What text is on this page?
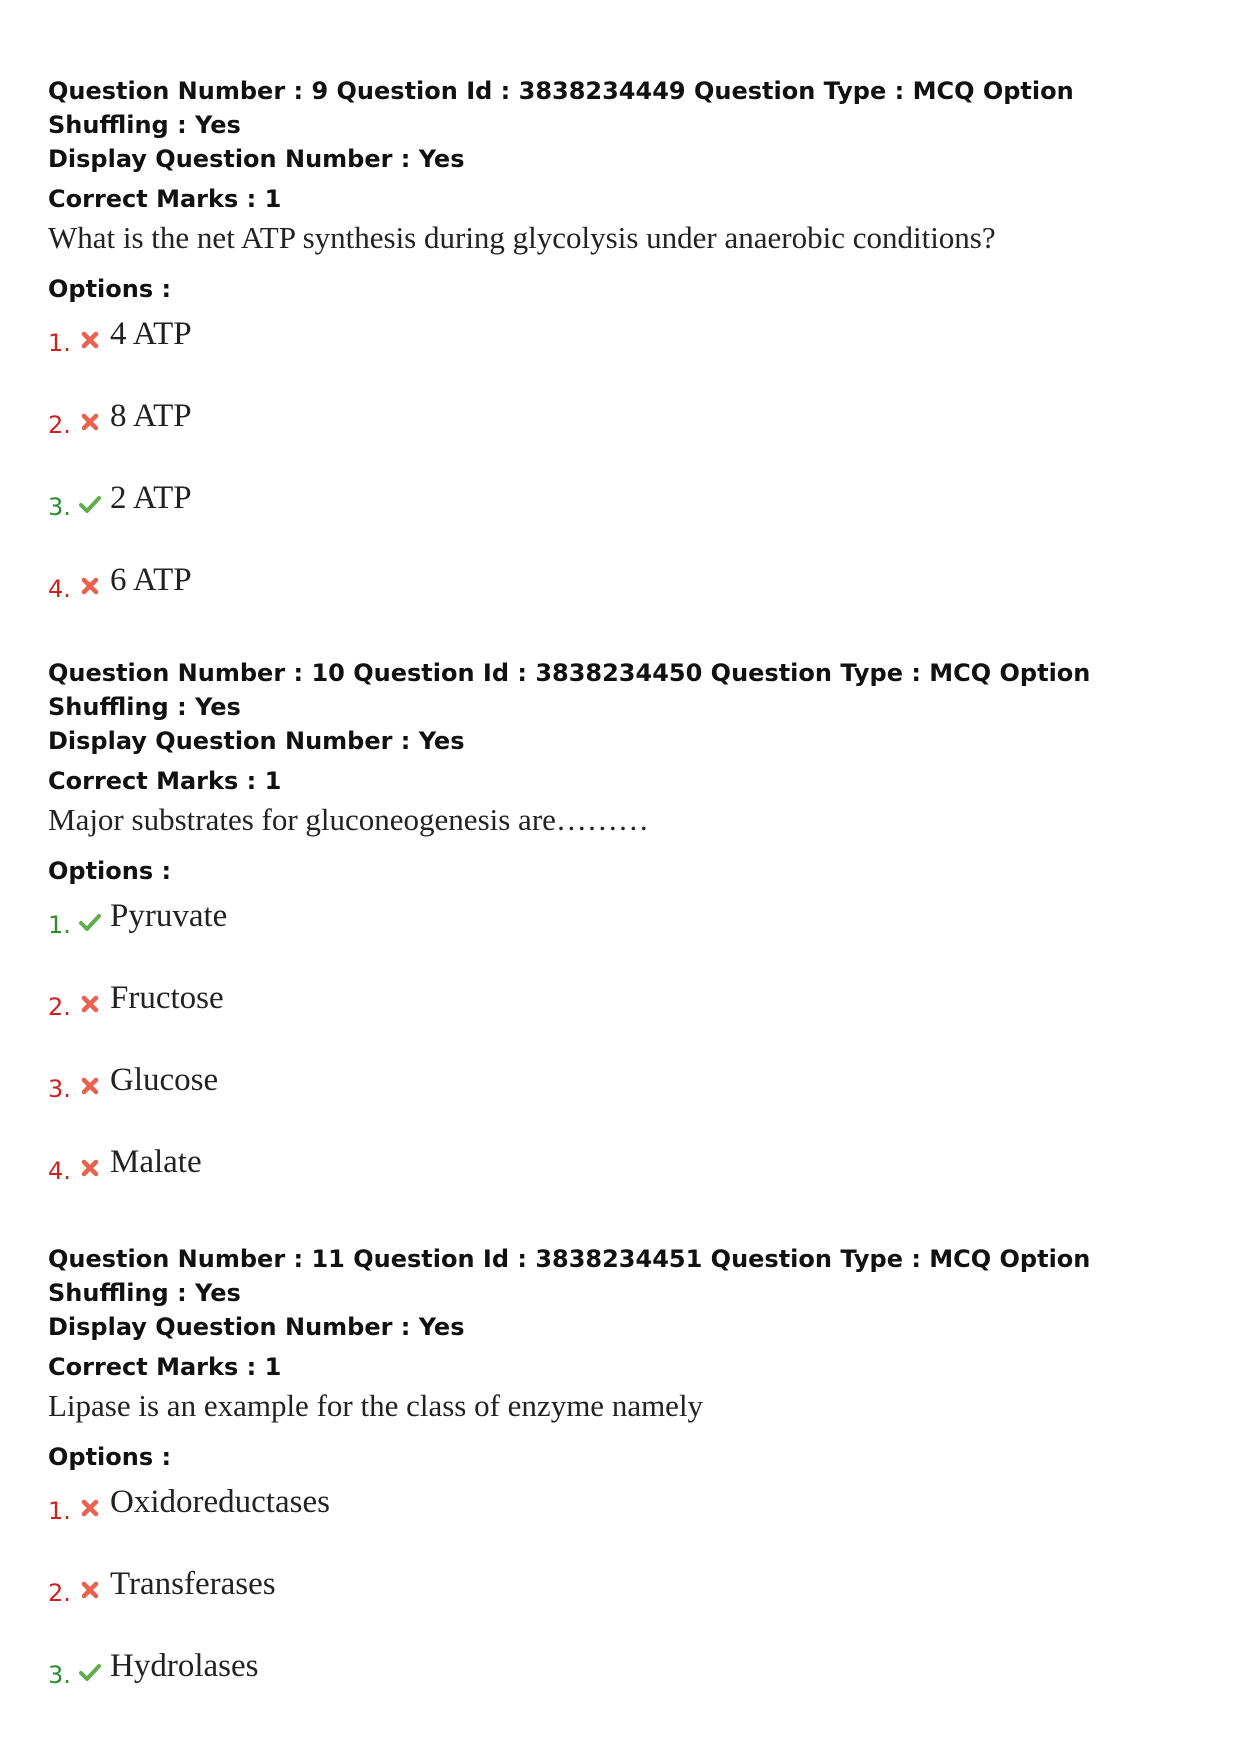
Question Number : 9 Question Id : 3838234449 Question Type : MCQ Option Shuffling : Yes
Display Question Number : Yes
Correct Marks : 1
What is the net ATP synthesis during glycolysis under anaerobic conditions?
Options :
1. 4 ATP
2. 8 ATP
3. 2 ATP
4. 6 ATP
Question Number : 10 Question Id : 3838234450 Question Type : MCQ Option Shuffling : Yes
Display Question Number : Yes
Correct Marks : 1
Major substrates for gluconeogenesis are………
Options :
1. Pyruvate
2. Fructose
3. Glucose
4. Malate
Question Number : 11 Question Id : 3838234451 Question Type : MCQ Option Shuffling : Yes
Display Question Number : Yes
Correct Marks : 1
Lipase is an example for the class of enzyme namely
Options :
1. Oxidoreductases
2. Transferases
3. Hydrolases
